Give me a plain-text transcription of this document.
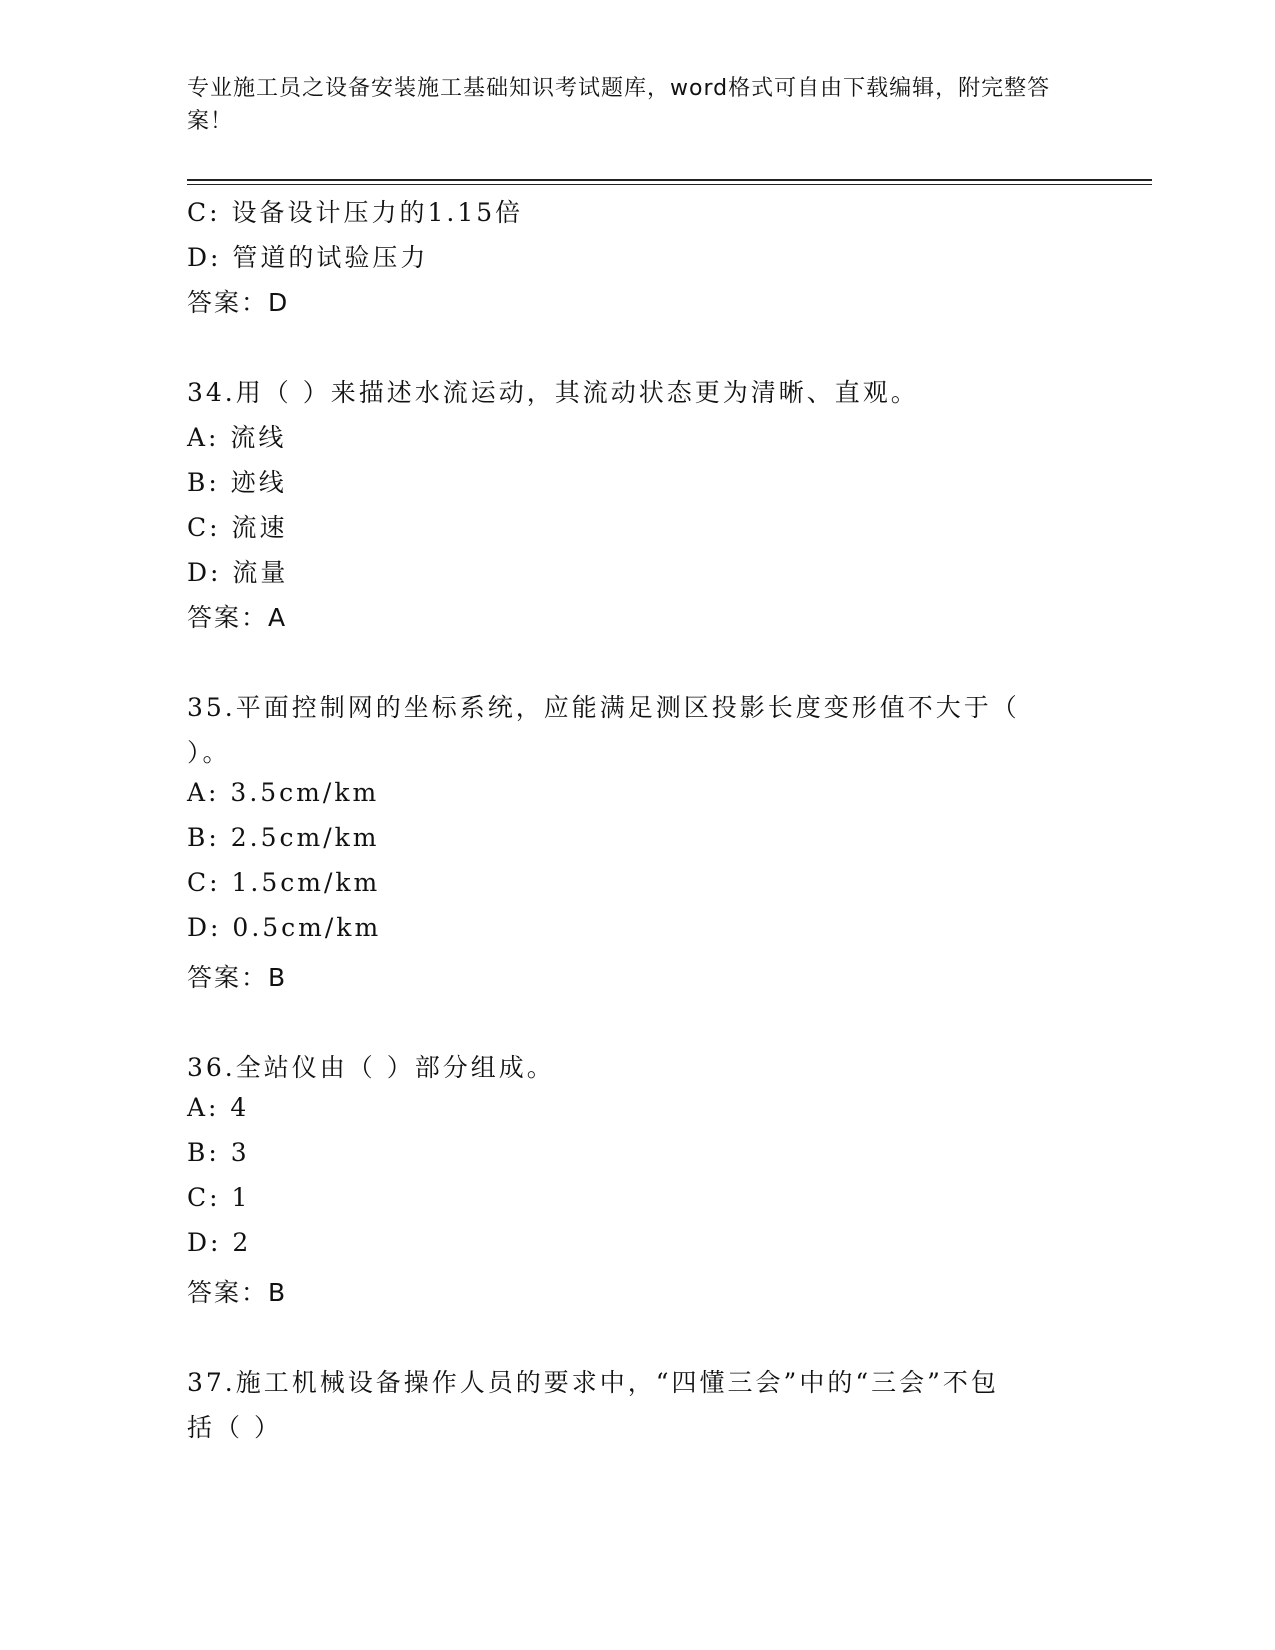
专业施工员之设备安装施工基础知识考试题库，word格式可自由下载编辑，附完整答案！
C: 设备设计压力的1.15倍
D: 管道的试验压力
答案：D
34.用（ ）来描述水流运动，其流动状态更为清晰、直观。
A: 流线
B: 迹线
C: 流速
D: 流量
答案：A
35.平面控制网的坐标系统，应能满足测区投影长度变形值不大于（
）。
A: 3.5cm/km
B: 2.5cm/km
C: 1.5cm/km
D: 0.5cm/km
答案：B
36.全站仪由（ ）部分组成。
A: 4
B: 3
C: 1
D: 2
答案：B
37.施工机械设备操作人员的要求中，“四懂三会”中的“三会”不包
括（ ）
